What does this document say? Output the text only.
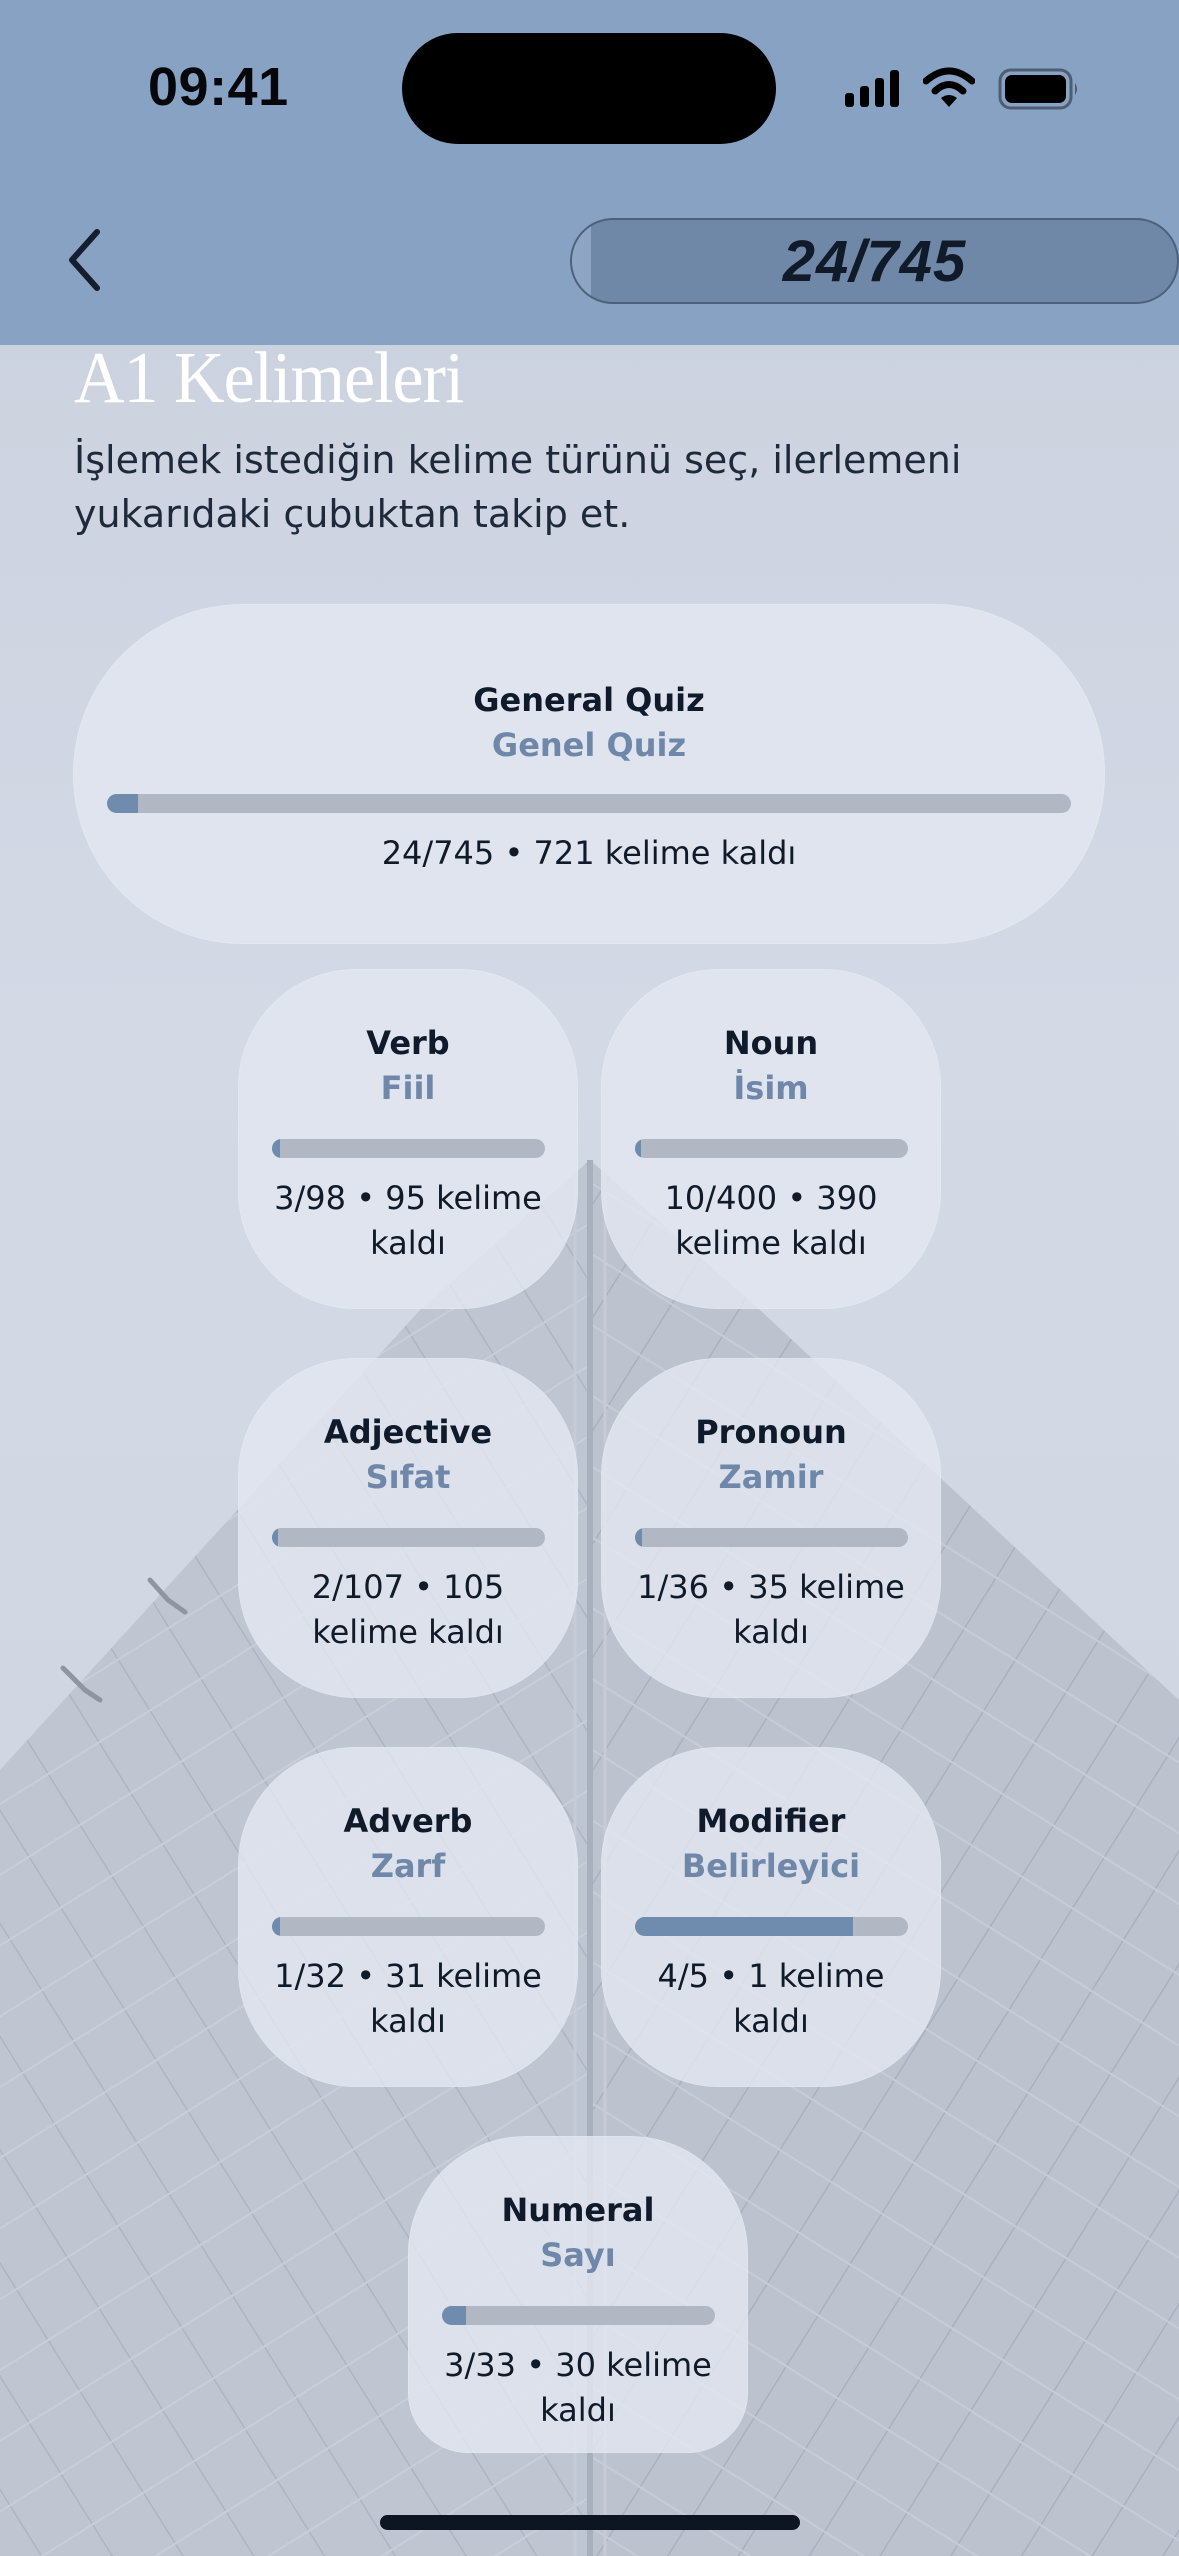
09:41
24/745
A1 Kelimeleri
İşlemek istediğin kelime türünü seç, ilerlemeni yukarıdaki çubuktan takip et.
General Quiz
Genel Quiz
24/745 • 721 kelime kaldı
Verb
Fiil
3/98 • 95 kelime kaldı
Noun
İsim
10/400 • 390 kelime kaldı
Adjective
Sıfat
2/107 • 105 kelime kaldı
Pronoun
Zamir
1/36 • 35 kelime kaldı
Adverb
Zarf
1/32 • 31 kelime kaldı
Modifier
Belirleyici
4/5 • 1 kelime kaldı
Numeral
Sayı
3/33 • 30 kelime kaldı
